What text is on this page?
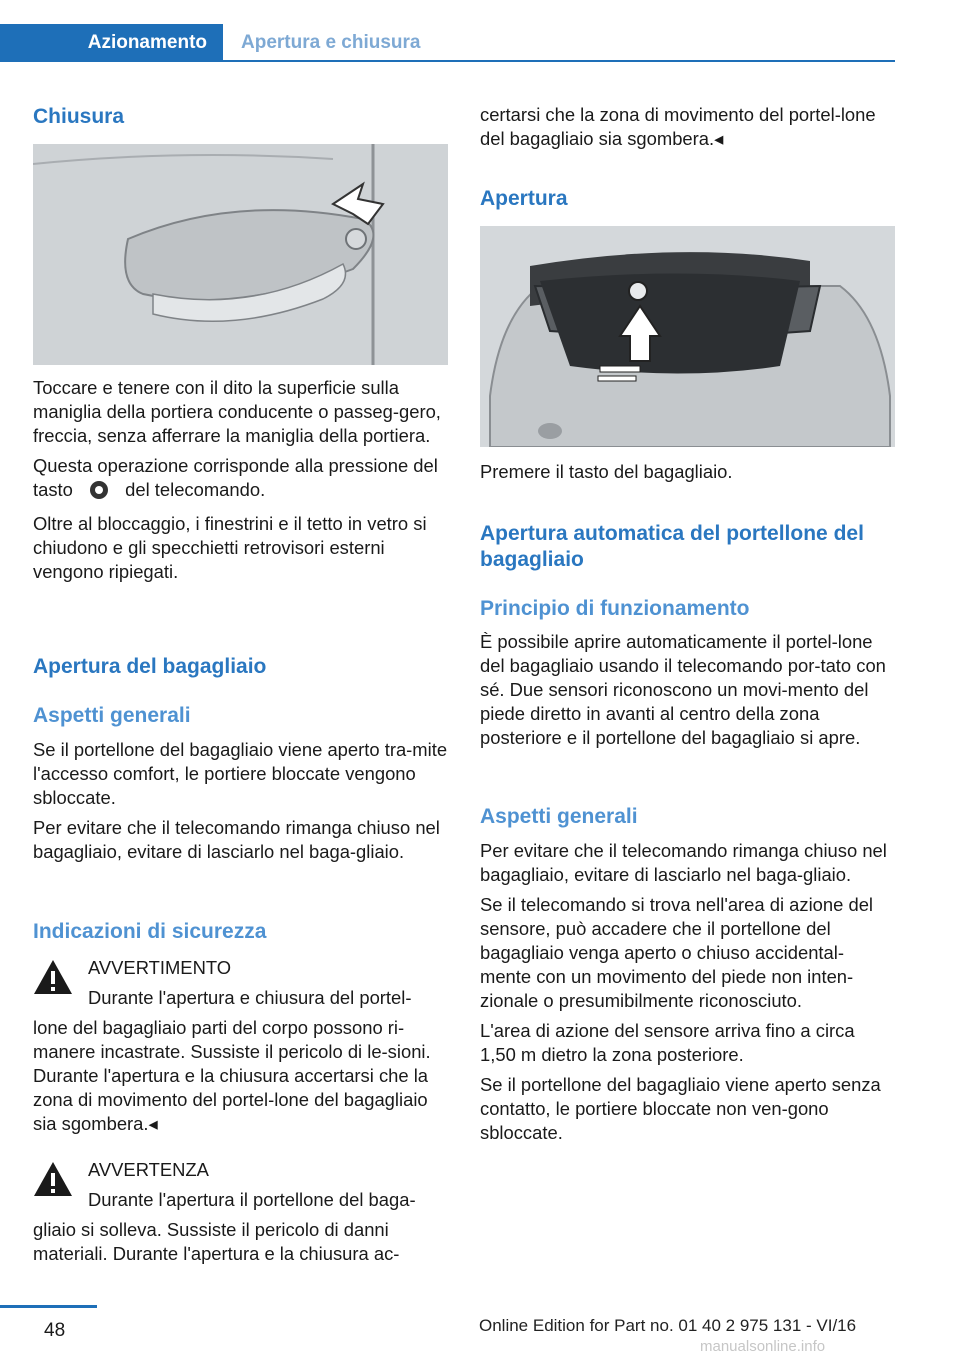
Azionamento	Apertura e chiusura
Chiusura

Toccare e tenere con il dito la superficie sulla maniglia della portiera conducente o passeg-gero, freccia, senza afferrare la maniglia della portiera.

Questa operazione corrisponde alla pressione del tasto	del telecomando.

Oltre al bloccaggio, i finestrini e il tetto in vetro si chiudono e gli specchietti retrovisori esterni vengono ripiegati.

Apertura del bagagliaio
Aspetti generali

Se il portellone del bagagliaio viene aperto tra-mite l'accesso comfort, le portiere bloccate vengono sbloccate.

Per evitare che il telecomando rimanga chiuso nel bagagliaio, evitare di lasciarlo nel baga-gliaio.

Indicazioni di sicurezza

AVVERTIMENTO

Durante l'apertura e chiusura del portel-

lone del bagagliaio parti del corpo possono ri-manere incastrate. Sussiste il pericolo di le-sioni. Durante l'apertura e la chiusura accertarsi che la zona di movimento del portel-lone del bagagliaio sia sgombera.◂

AVVERTENZA

Durante l'apertura il portellone del baga-

gliaio si solleva. Sussiste il pericolo di danni materiali. Durante l'apertura e la chiusura ac-

certarsi che la zona di movimento del portel-lone del bagagliaio sia sgombera.◂

Apertura

Premere il tasto del bagagliaio.

Apertura automatica del portellone del bagagliaio
Principio di funzionamento

È possibile aprire automaticamente il portel-lone del bagagliaio usando il telecomando por-tato con sé. Due sensori riconoscono un movi-mento del piede diretto in avanti al centro della zona posteriore e il portellone del bagagliaio si apre.

Aspetti generali

Per evitare che il telecomando rimanga chiuso nel bagagliaio, evitare di lasciarlo nel baga-gliaio.

Se il telecomando si trova nell'area di azione del sensore, può accadere che il portellone del bagagliaio venga aperto o chiuso accidental-mente con un movimento del piede non inten-zionale o presumibilmente riconosciuto.

L'area di azione del sensore arriva fino a circa 1,50 m dietro la zona posteriore.

Se il portellone del bagagliaio viene aperto senza contatto, le portiere bloccate non ven-gono sbloccate.

48	Online Edition for Part no. 01 40 2 975 131 - VI/16
manualsonline.info
